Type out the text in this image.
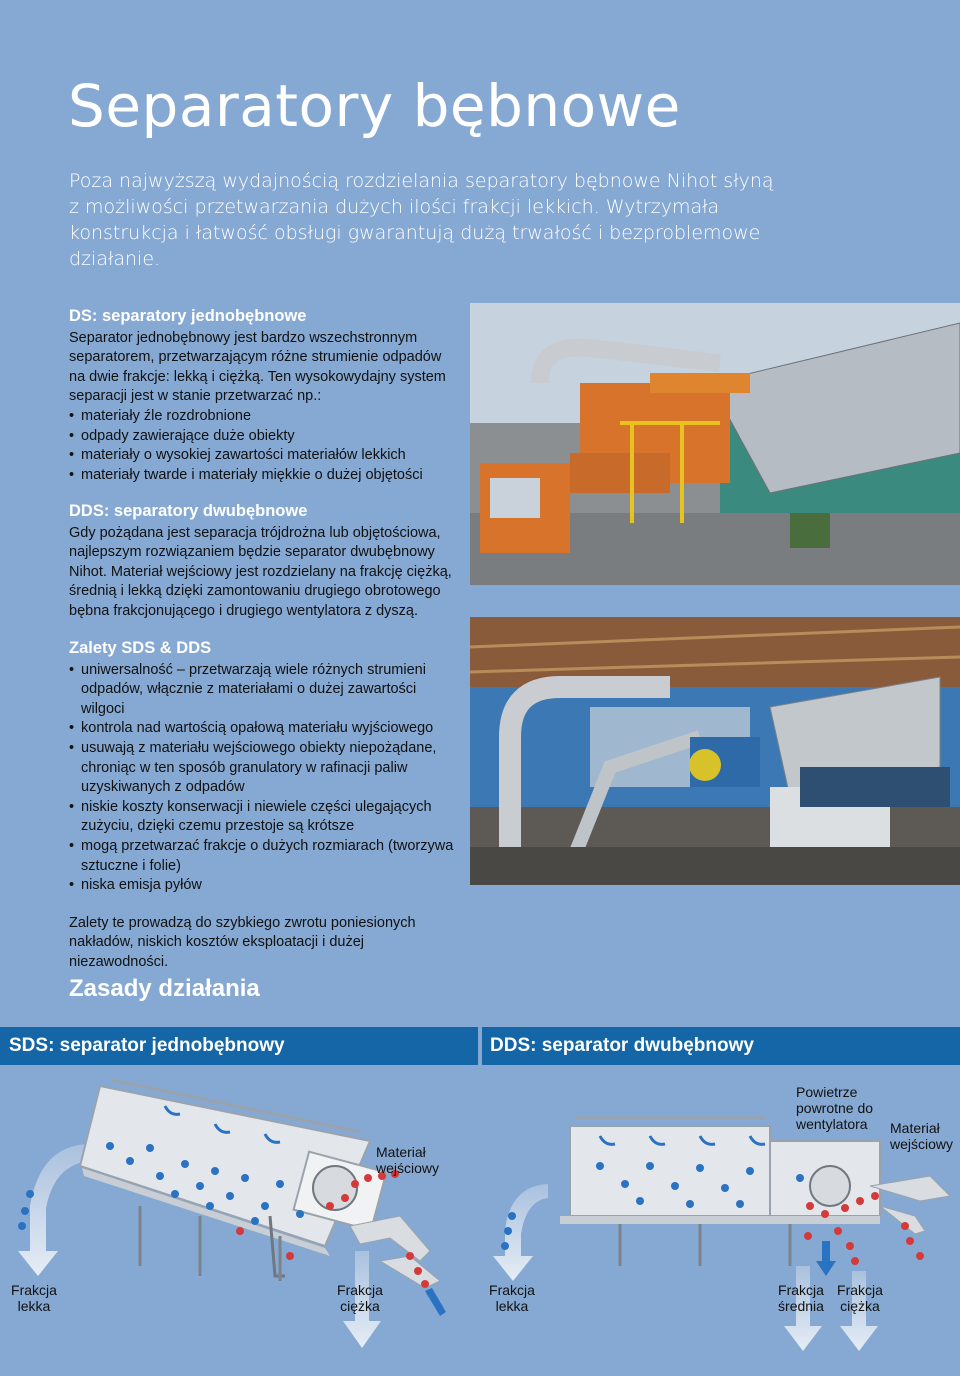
Separatory bębnowe
Poza najwyższą wydajnością rozdzielania separatory bębnowe Nihot słyną z możliwości przetwarzania dużych ilości frakcji lekkich. Wytrzymała konstrukcja i łatwość obsługi gwarantują dużą trwałość i bezproblemowe działanie.
DS: separatory jednobębnowe

Separator jednobębnowy jest bardzo wszechstronnym separatorem, przetwarzającym różne strumienie odpadów na dwie frakcje: lekką i ciężką. Ten wysokowydajny system separacji jest w stanie przetwarzać np.:

• materiały źle rozdrobnione
• odpady zawierające duże obiekty
• materiały o wysokiej zawartości materiałów lekkich
• materiały twarde i materiały miękkie o dużej objętości
DDS: separatory dwubębnowe

Gdy pożądana jest separacja trójdrożna lub objętościowa, najlepszym rozwiązaniem będzie separator dwubębnowy Nihot. Materiał wejściowy jest rozdzielany na frakcję ciężką, średnią i lekką dzięki zamontowaniu drugiego obrotowego bębna frakcjonującego i drugiego wentylatora z dyszą.

Zalety SDS & DDS
• uniwersalność – przetwarzają wiele różnych strumieni odpadów, włącznie z materiałami o dużej zawartości wilgoci
• kontrola nad wartością opałową materiału wyjściowego
• usuwają z materiału wejściowego obiekty niepożądane, chroniąc w ten sposób granulatory w rafinacji paliw uzyskiwanych z odpadów
• niskie koszty konserwacji i niewiele części ulegających zużyciu, dzięki czemu przestoje są krótsze
• mogą przetwarzać frakcje o dużych rozmiarach (tworzywa sztuczne i folie)
• niska emisja pyłów

Zalety te prowadzą do szybkiego zwrotu poniesionych nakładów, niskich kosztów eksploatacji i dużej niezawodności.

Zasady działania
SDS: separator jednobębnowy	DDS: separator dwubębnowy
Materiał wejściowy
Frakcja lekka
Frakcja ciężka
Powietrze powrotne do wentylatora	Materiał wejściowy
Frakcja lekka
Frakcja średnia
Frakcja ciężka
